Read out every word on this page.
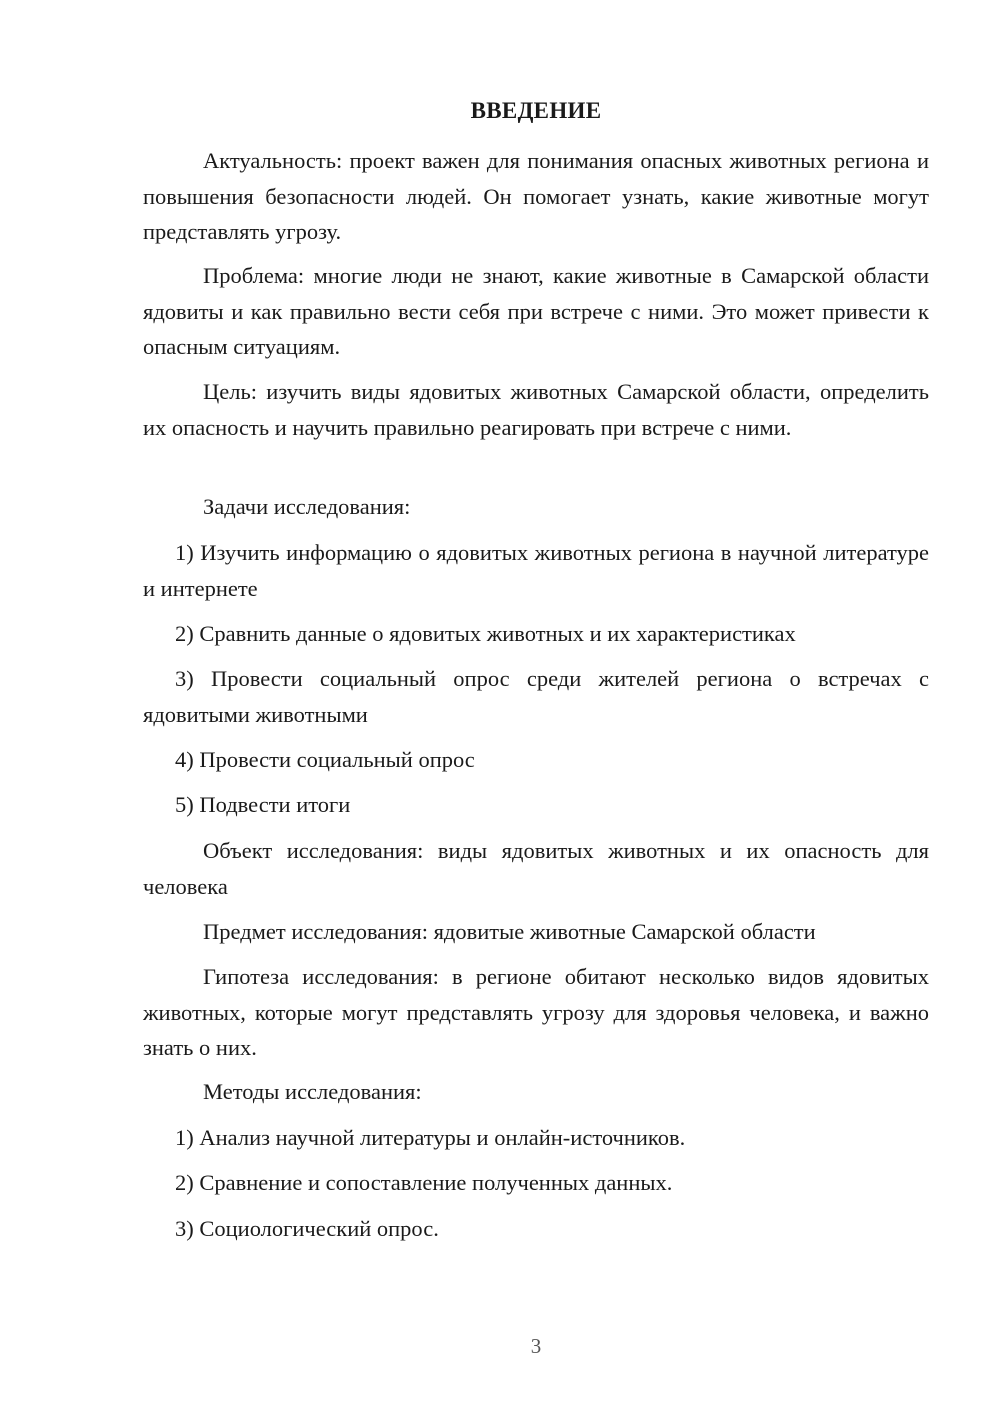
ВВЕДЕНИЕ

Актуальность: проект важен для понимания опасных животных региона и повышения безопасности людей. Он помогает узнать, какие животные могут представлять угрозу.

Проблема: многие люди не знают, какие животные в Самарской области ядовиты и как правильно вести себя при встрече с ними. Это может привести к опасным ситуациям.

Цель: изучить виды ядовитых животных Самарской области, определить их опасность и научить правильно реагировать при встрече с ними.

Задачи исследования:

1) Изучить информацию о ядовитых животных региона в научной литературе и интернете

2) Сравнить данные о ядовитых животных и их характеристиках

3) Провести социальный опрос среди жителей региона о встречах с ядовитыми животными

4) Провести социальный опрос

5) Подвести итоги

Объект исследования: виды ядовитых животных и их опасность для человека

Предмет исследования: ядовитые животные Самарской области

Гипотеза исследования: в регионе обитают несколько видов ядовитых животных, которые могут представлять угрозу для здоровья человека, и важно знать о них.

Методы исследования:

1) Анализ научной литературы и онлайн-источников.

2) Сравнение и сопоставление полученных данных.

3) Социологический опрос.

3
